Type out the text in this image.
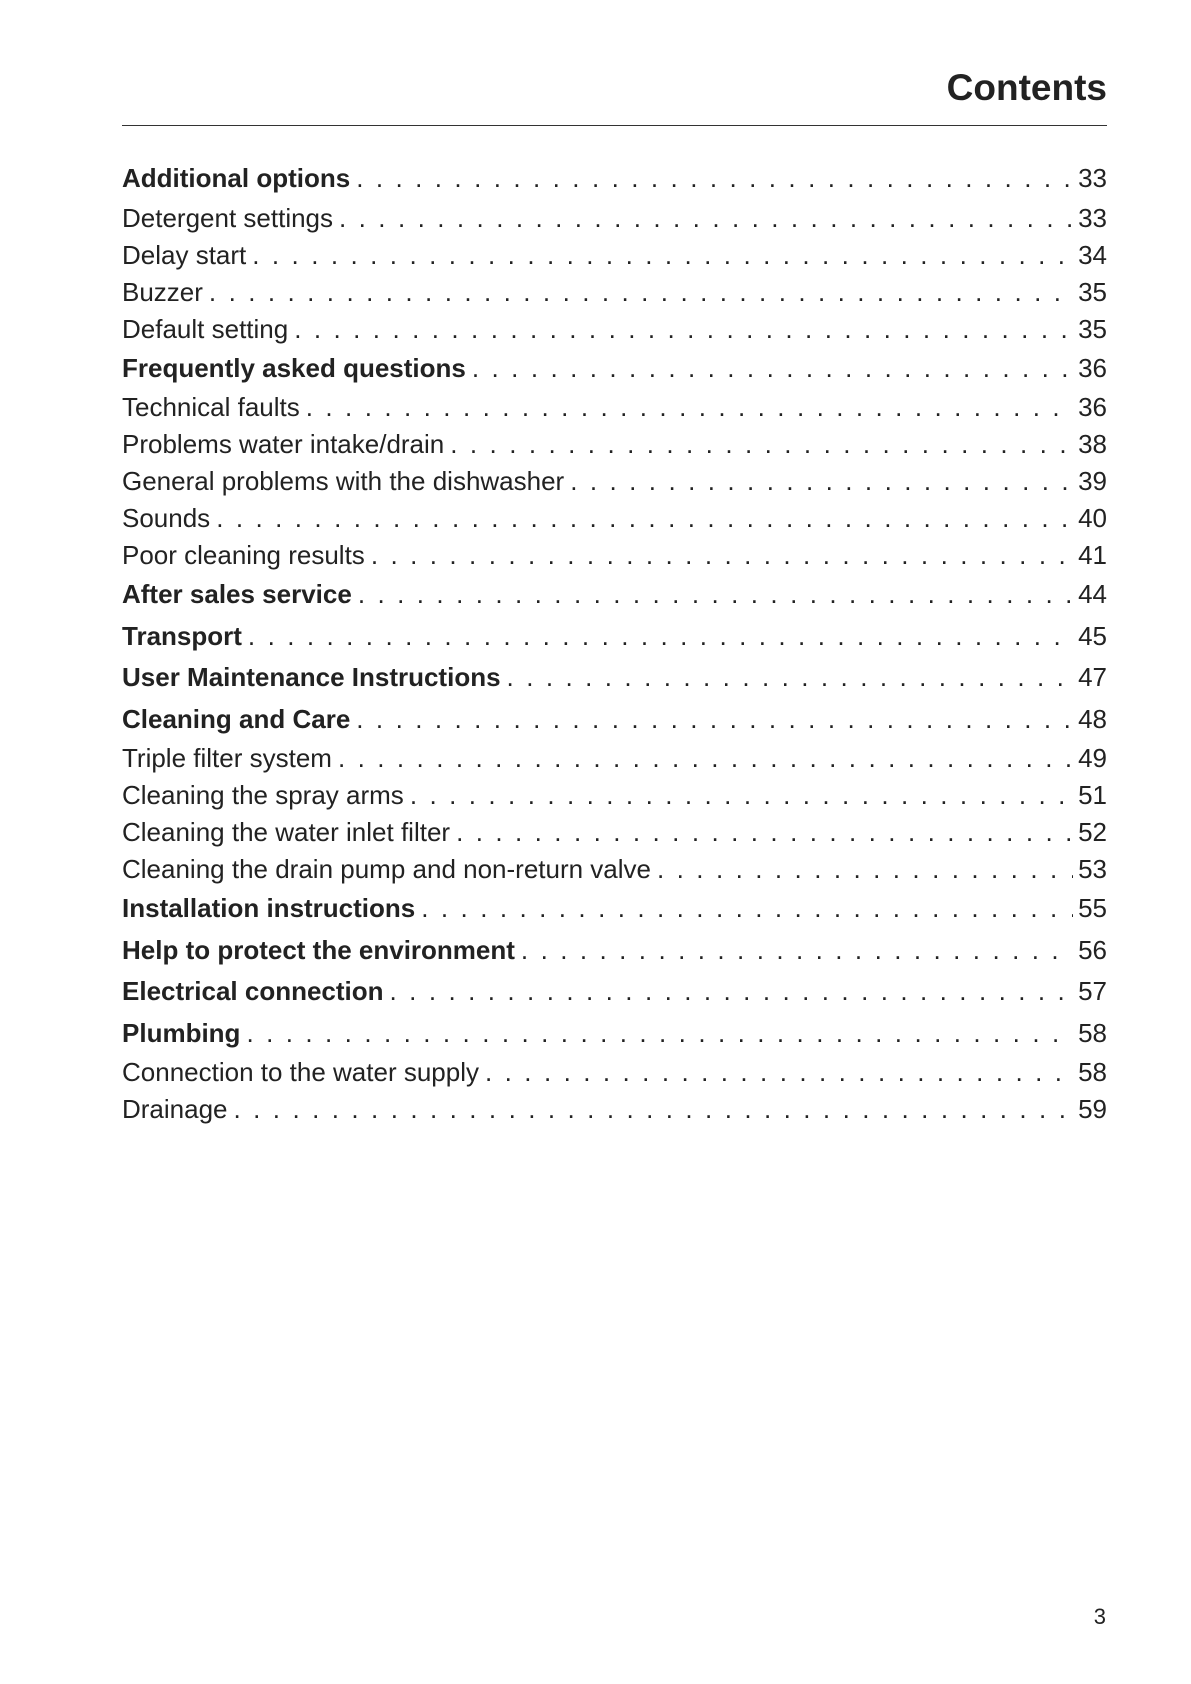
Contents
Additional options . . .	33
Detergent settings . . .	33
Delay start . . .	34
Buzzer . . .	35
Default setting . . .	35
Frequently asked questions . . .	36
Technical faults . . .	36
Problems water intake/drain . . .	38
General problems with the dishwasher . . .	39
Sounds . . .	40
Poor cleaning results . . .	41
After sales service . . .	44
Transport . . .	45
User Maintenance Instructions . . .	47
Cleaning and Care . . .	48
Triple filter system . . .	49
Cleaning the spray arms . . .	51
Cleaning the water inlet filter . . .	52
Cleaning the drain pump and non-return valve . . .	53
Installation instructions . . .	55
Help to protect the environment . . .	56
Electrical connection . . .	57
Plumbing . . .	58
Connection to the water supply . . .	58
Drainage . . .	59
3
